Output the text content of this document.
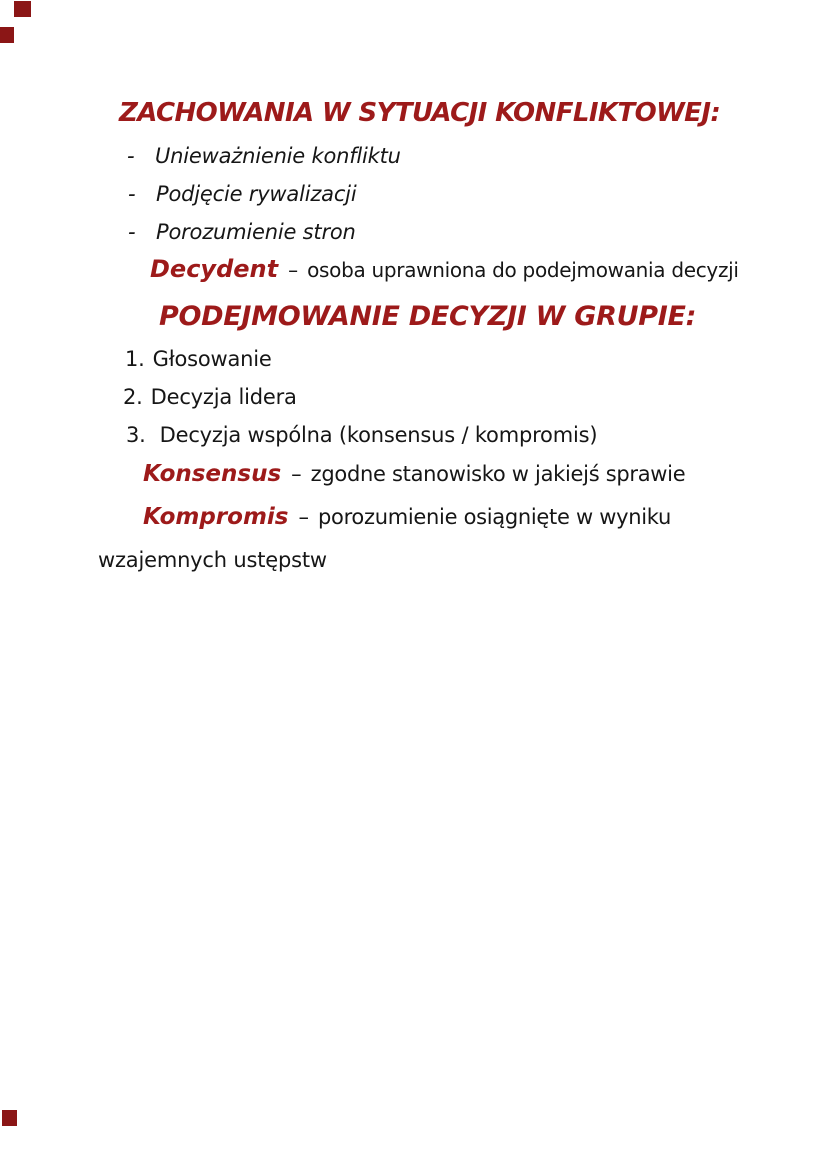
ZACHOWANIA W SYTUACJI KONFLIKTOWEJ:
- Unieważnienie konfliktu
- Podjęcie rywalizacji
- Porozumienie stron
Decydent – osoba uprawniona do podejmowania decyzji
PODEJMOWANIE DECYZJI W GRUPIE:
1. Głosowanie
2. Decyzja lidera
3. Decyzja wspólna (konsensus / kompromis)
Konsensus – zgodne stanowisko w jakiejś sprawie
Kompromis – porozumienie osiągnięte w wyniku
wzajemnych ustępstw
